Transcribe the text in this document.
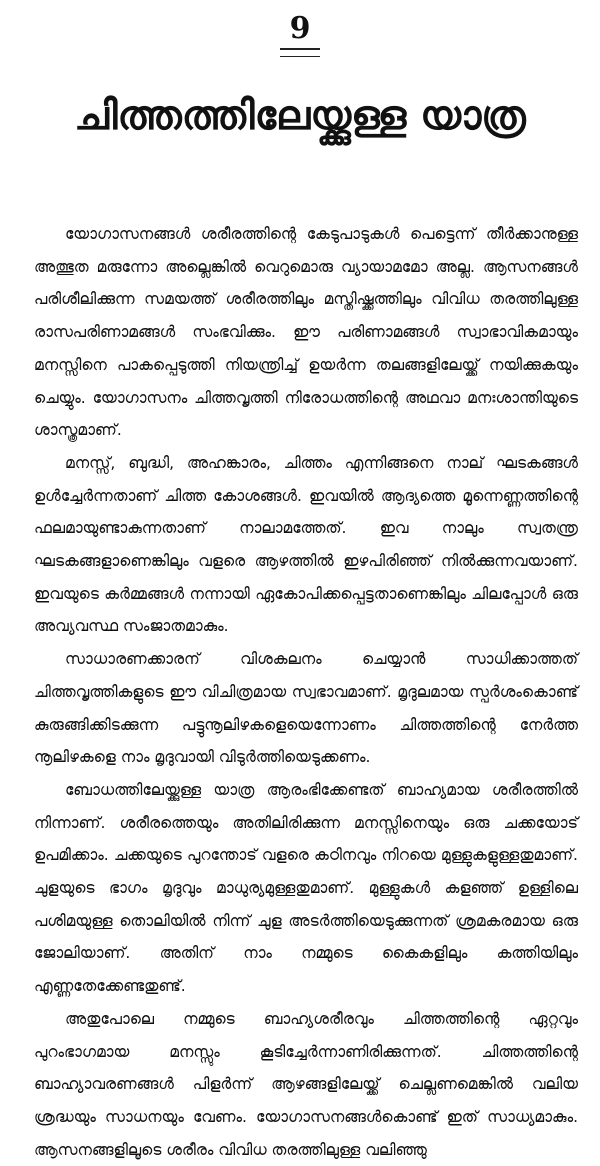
9
ചിത്തത്തിലേയ്ക്കുള്ള യാത്ര

യോഗാസനങ്ങൾ ശരീരത്തിന്റെ കേടുപാടുകൾ പെട്ടെന്ന് തീർക്കാനുള്ള അത്ഭുത മരുന്നോ അല്ലെങ്കിൽ വെറുമൊരു വ്യായാമമോ അല്ല. ആസനങ്ങൾ പരിശീലിക്കുന്ന സമയത്ത് ശരീരത്തിലും മസ്തിഷ്ക്കത്തിലും വിവിധ തരത്തിലുള്ള രാസപരിണാമങ്ങൾ സംഭവിക്കും. ഈ പരിണാമങ്ങൾ സ്വാഭാവികമായും മനസ്സിനെ പാകപ്പെടുത്തി നിയന്ത്രിച്ച് ഉയർന്ന തലങ്ങളിലേയ്ക്ക് നയിക്കുകയും ചെയ്യും. യോഗാസനം ചിത്തവൃത്തി നിരോധത്തിന്റെ അഥവാ മനഃശാന്തിയുടെ ശാസ്ത്രമാണ്.

മനസ്സ്, ബുദ്ധി, അഹങ്കാരം, ചിത്തം എന്നിങ്ങനെ നാല് ഘടകങ്ങൾ ഉൾച്ചേർന്നതാണ് ചിത്ത കോശങ്ങൾ. ഇവയിൽ ആദ്യത്തെ മൂന്നെണ്ണത്തിന്റെ ഫലമായുണ്ടാകുന്നതാണ് നാലാമത്തേത്. ഇവ നാലും സ്വതന്ത്ര ഘടകങ്ങളാണെങ്കിലും വളരെ ആഴത്തിൽ ഇഴപിരിഞ്ഞ് നിൽക്കുന്നവയാണ്. ഇവയുടെ കർമ്മങ്ങൾ നന്നായി ഏകോപിക്കപ്പെട്ടതാണെങ്കിലും ചിലപ്പോൾ ഒരു അവ്യവസ്ഥ സംജാതമാകും.

സാധാരണക്കാരന് വിശകലനം ചെയ്യാൻ സാധിക്കാത്തത് ചിത്തവൃത്തികളുടെ ഈ വിചിത്രമായ സ്വഭാവമാണ്. മൃദുലമായ സ്പർശംകൊണ്ട് കുരുങ്ങിക്കിടക്കുന്ന പട്ടുനൂലിഴകളെയെന്നോണം ചിത്തത്തിന്റെ നേർത്ത നൂലിഴകളെ നാം മൃദുവായി വിടുർത്തിയെടുക്കണം.

ബോധത്തിലേയ്ക്കുള്ള യാത്ര ആരംഭിക്കേണ്ടത് ബാഹ്യമായ ശരീരത്തിൽ നിന്നാണ്. ശരീരത്തെയും അതിലിരിക്കുന്ന മനസ്സിനെയും ഒരു ചക്കയോട് ഉപമിക്കാം. ചക്കയുടെ പുറന്തോട് വളരെ കഠിനവും നിറയെ മുള്ളുകളുള്ളതുമാണ്. ചുളയുടെ ഭാഗം മൃദുവും മാധുര്യമുള്ളതുമാണ്. മുള്ളുകൾ കളഞ്ഞ് ഉള്ളിലെ പശിമയുള്ള തൊലിയിൽ നിന്ന് ചുള അടർത്തിയെടുക്കുന്നത് ശ്രമകരമായ ഒരു ജോലിയാണ്. അതിന് നാം നമ്മുടെ കൈകളിലും കത്തിയിലും എണ്ണതേക്കേണ്ടതുണ്ട്.

അതുപോലെ നമ്മുടെ ബാഹ്യശരീരവും ചിത്തത്തിന്റെ ഏറ്റവും പുറംഭാഗമായ മനസ്സും കൂടിച്ചേർന്നാണിരിക്കുന്നത്. ചിത്തത്തിന്റെ ബാഹ്യാവരണങ്ങൾ പിളർന്ന് ആഴങ്ങളിലേയ്ക്ക് ചെല്ലണമെങ്കിൽ വലിയ ശ്രദ്ധയും സാധനയും വേണം. യോഗാസനങ്ങൾകൊണ്ട് ഇത് സാധ്യമാകും. ആസനങ്ങളിലൂടെ ശരീരം വിവിധ തരത്തിലുള്ള വലിഞ്ഞു
